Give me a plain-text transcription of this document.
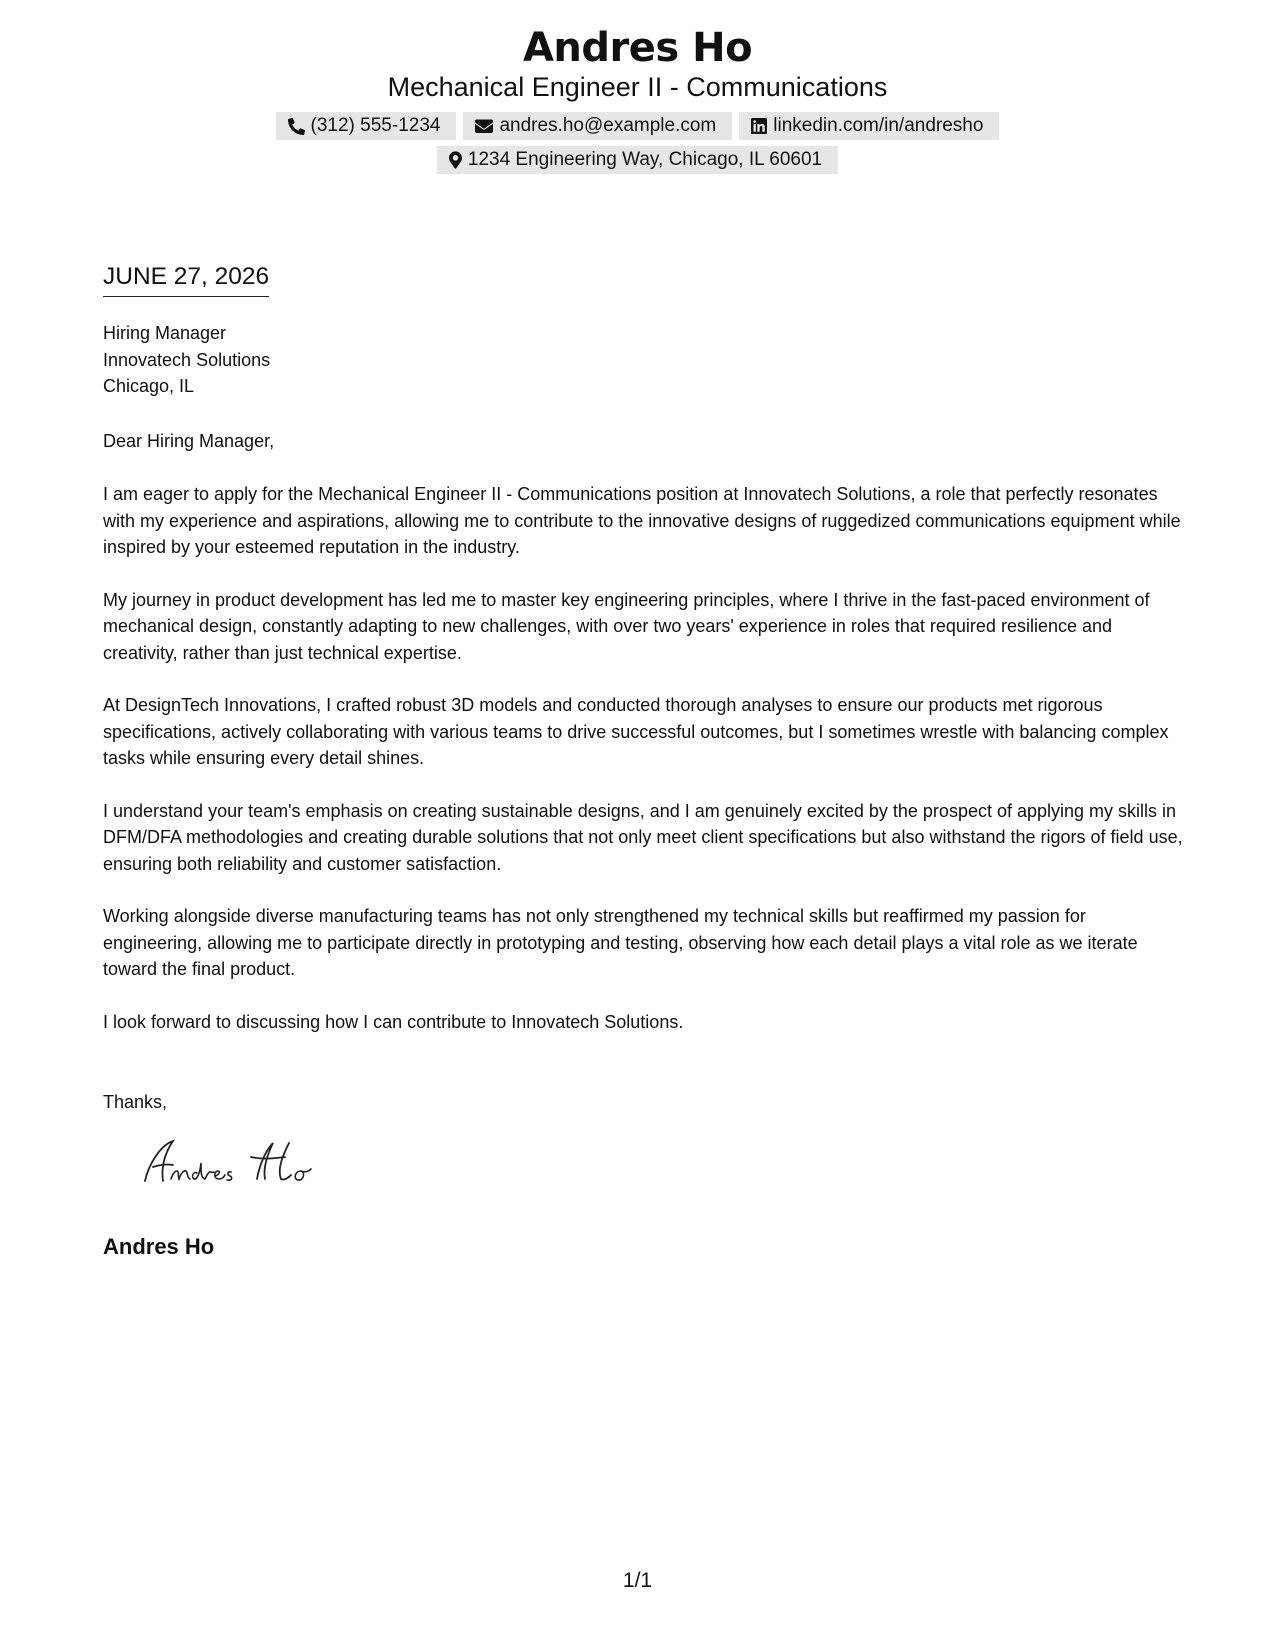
Andres Ho
Mechanical Engineer II - Communications
(312) 555-1234	andres.ho@example.com	linkedin.com/in/andresho
1234 Engineering Way, Chicago, IL 60601
JUNE 27, 2026
Hiring Manager
Innovatech Solutions
Chicago, IL
Dear Hiring Manager,

I am eager to apply for the Mechanical Engineer II - Communications position at Innovatech Solutions, a role that perfectly resonates with my experience and aspirations, allowing me to contribute to the innovative designs of ruggedized communications equipment while inspired by your esteemed reputation in the industry.

My journey in product development has led me to master key engineering principles, where I thrive in the fast-paced environment of mechanical design, constantly adapting to new challenges, with over two years' experience in roles that required resilience and creativity, rather than just technical expertise.

At DesignTech Innovations, I crafted robust 3D models and conducted thorough analyses to ensure our products met rigorous specifications, actively collaborating with various teams to drive successful outcomes, but I sometimes wrestle with balancing complex tasks while ensuring every detail shines.

I understand your team's emphasis on creating sustainable designs, and I am genuinely excited by the prospect of applying my skills in DFM/DFA methodologies and creating durable solutions that not only meet client specifications but also withstand the rigors of field use, ensuring both reliability and customer satisfaction.

Working alongside diverse manufacturing teams has not only strengthened my technical skills but reaffirmed my passion for engineering, allowing me to participate directly in prototyping and testing, observing how each detail plays a vital role as we iterate toward the final product.

I look forward to discussing how I can contribute to Innovatech Solutions.

Thanks,
Andres Ho
1/1
